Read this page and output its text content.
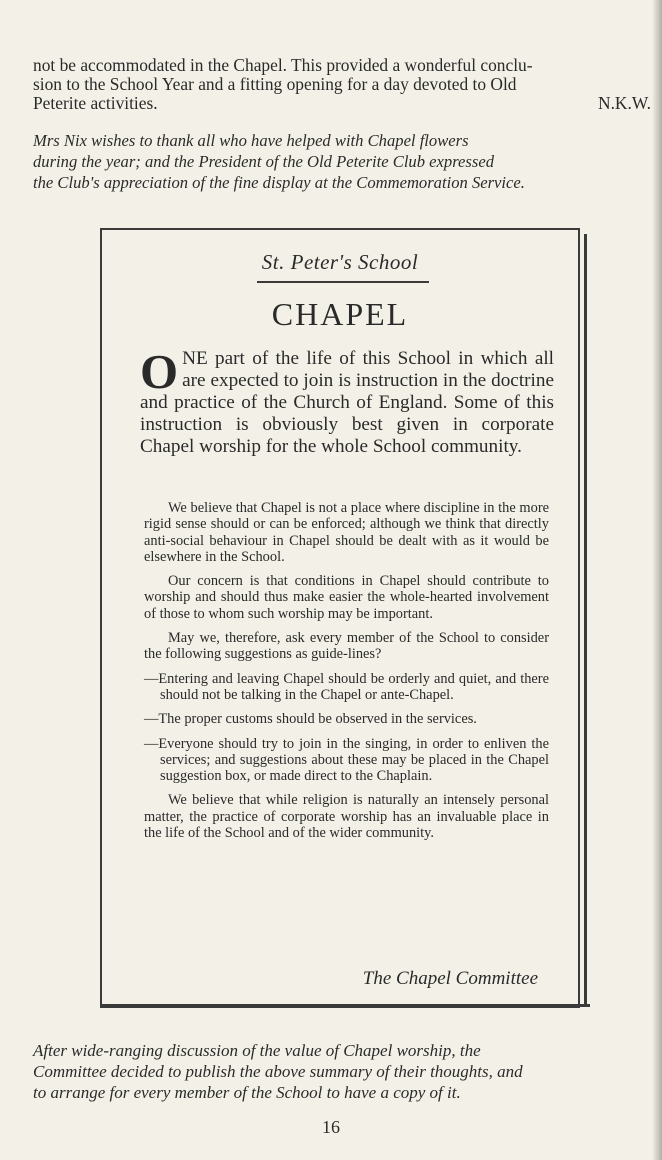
not be accommodated in the Chapel. This provided a wonderful conclu-
sion to the School Year and a fitting opening for a day devoted to Old
Peterite activities.	N.K.W.
Mrs Nix wishes to thank all who have helped with Chapel flowers
during the year; and the President of the Old Peterite Club expressed
the Club's appreciation of the fine display at the Commemoration Service.
St. Peter's School
CHAPEL
ONE part of the life of this School in which all are expected to join is instruction in the doctrine and practice of the Church of England. Some of this instruction is obviously best given in corporate Chapel worship for the whole School community.

We believe that Chapel is not a place where discipline in the more rigid sense should or can be enforced; although we think that directly anti-social behaviour in Chapel should be dealt with as it would be elsewhere in the School.

Our concern is that conditions in Chapel should contribute to worship and should thus make easier the whole-hearted involvement of those to whom such worship may be important.

May we, therefore, ask every member of the School to consider the following suggestions as guide-lines?

—Entering and leaving Chapel should be orderly and quiet, and there should not be talking in the Chapel or ante-Chapel.

—The proper customs should be observed in the services.

—Everyone should try to join in the singing, in order to enliven the services; and suggestions about these may be placed in the Chapel suggestion box, or made direct to the Chaplain.

We believe that while religion is naturally an intensely personal matter, the practice of corporate worship has an invaluable place in the life of the School and of the wider community.

The Chapel Committee
After wide-ranging discussion of the value of Chapel worship, the
Committee decided to publish the above summary of their thoughts, and
to arrange for every member of the School to have a copy of it.
16
